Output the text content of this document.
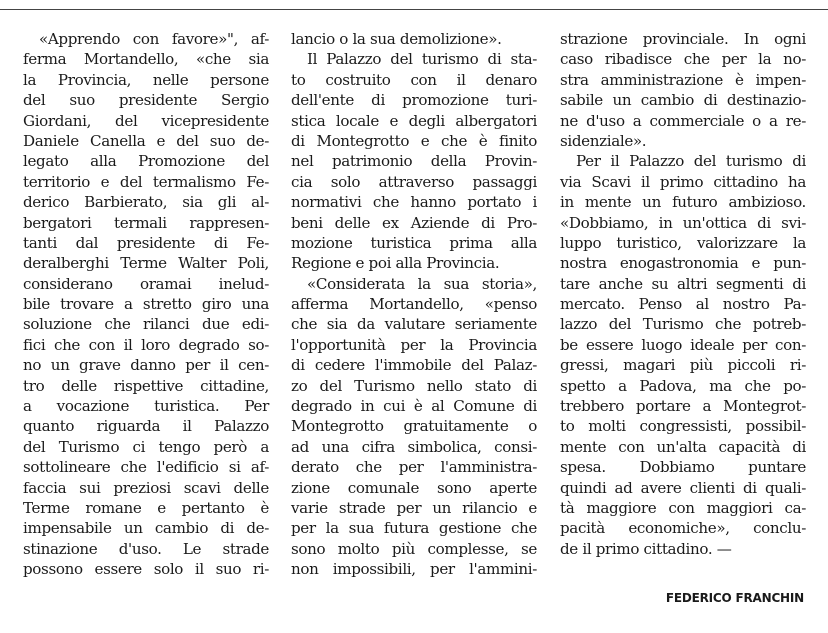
«Apprendo con favore»", af-
ferma Mortandello, «che sia
la Provincia, nelle persone
del suo presidente Sergio
Giordani, del vicepresidente
Daniele Canella e del suo de-
legato alla Promozione del
territorio e del termalismo Fe-
derico Barbierato, sia gli al-
bergatori termali rappresen-
tanti dal presidente di Fe-
deralberghi Terme Walter Poli,
considerano oramai inelud-
bile trovare a stretto giro una
soluzione che rilanci due edi-
fici che con il loro degrado so-
no un grave danno per il cen-
tro delle rispettive cittadine,
a vocazione turistica. Per
quanto riguarda il Palazzo
del Turismo ci tengo però a
sottolineare che l'edificio si af-
faccia sui preziosi scavi delle
Terme romane e pertanto è
impensabile un cambio di de-
stinazione d'uso. Le strade
possono essere solo il suo ri-
lancio o la sua demolizione».
Il Palazzo del turismo di sta-
to costruito con il denaro
dell'ente di promozione turi-
stica locale e degli albergatori
di Montegrotto e che è finito
nel patrimonio della Provin-
cia solo attraverso passaggi
normativi che hanno portato i
beni delle ex Aziende di Pro-
mozione turistica prima alla
Regione e poi alla Provincia.
«Considerata la sua storia»,
afferma Mortandello, «penso
che sia da valutare seriamente
l'opportunità per la Provincia
di cedere l'immobile del Palaz-
zo del Turismo nello stato di
degrado in cui è al Comune di
Montegrotto gratuitamente o
ad una cifra simbolica, consi-
derato che per l'amministra-
zione comunale sono aperte
varie strade per un rilancio e
per la sua futura gestione che
sono molto più complesse, se
non impossibili, per l'ammini-
strazione provinciale. In ogni
caso ribadisce che per la no-
stra amministrazione è impen-
sabile un cambio di destinazio-
ne d'uso a commerciale o a re-
sidenziale».
Per il Palazzo del turismo di
via Scavi il primo cittadino ha
in mente un futuro ambizioso.
«Dobbiamo, in un'ottica di svi-
luppo turistico, valorizzare la
nostra enogastronomia e pun-
tare anche su altri segmenti di
mercato. Penso al nostro Pa-
lazzo del Turismo che potreb-
be essere luogo ideale per con-
gressi, magari più piccoli ri-
spetto a Padova, ma che po-
trebbero portare a Montegrot-
to molti congressisti, possibil-
mente con un'alta capacità di
spesa. Dobbiamo puntare
quindi ad avere clienti di quali-
tà maggiore con maggiori ca-
pacità economiche», conclu-
de il primo cittadino. —
FEDERICO FRANCHIN
